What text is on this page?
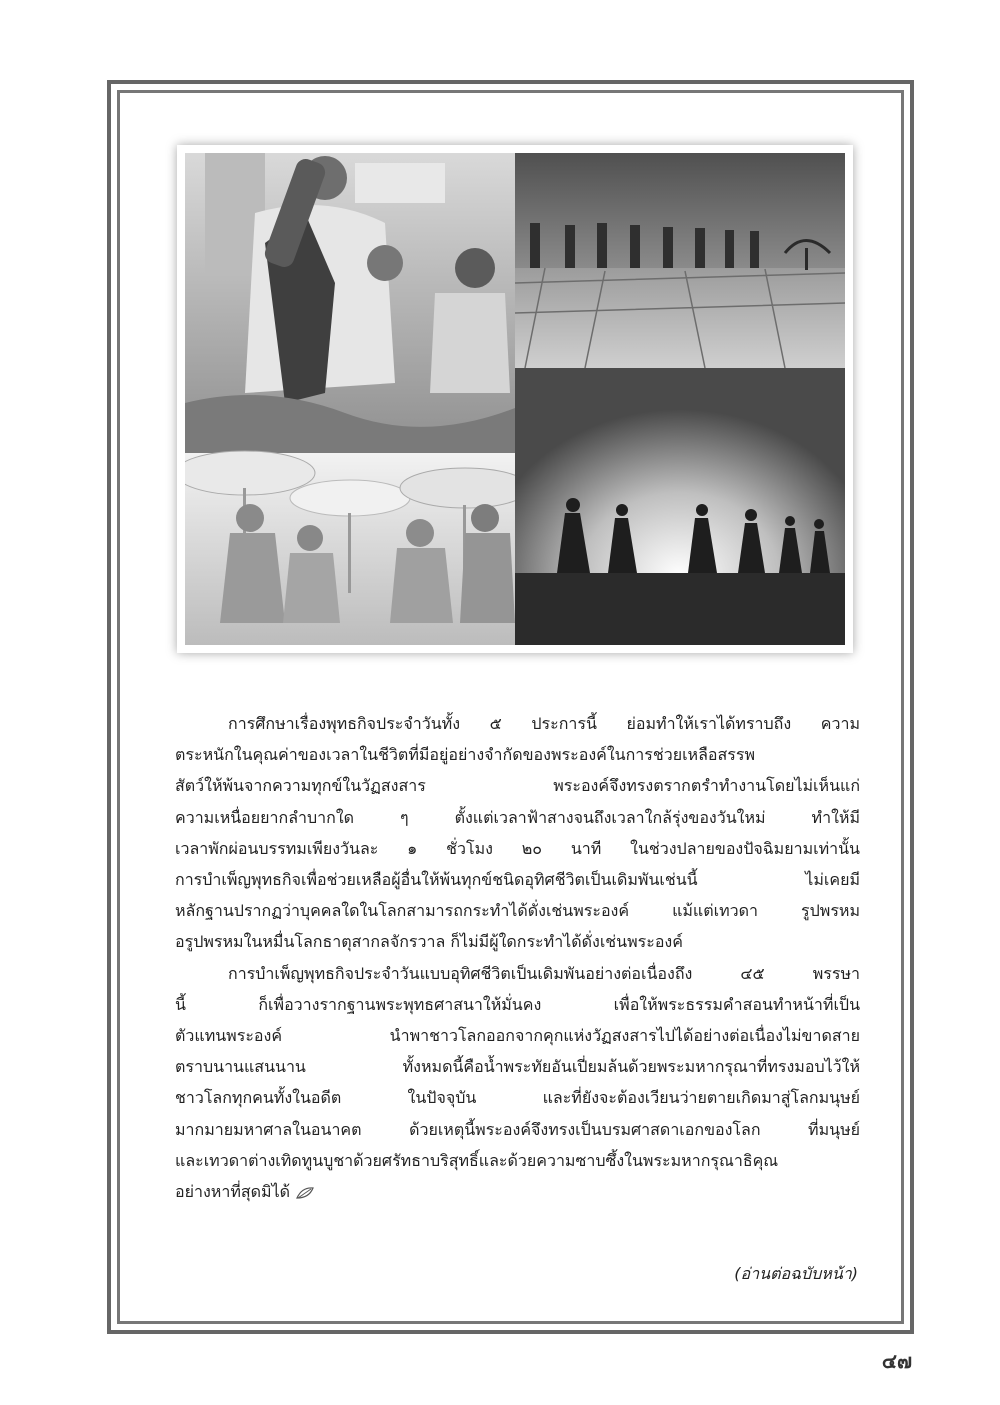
การศึกษาเรื่องพุทธกิจประจำวันทั้ง ๕ ประการนี้ ย่อมทำให้เราได้ทราบถึง ความ
ตระหนักในคุณค่าของเวลาในชีวิตที่มีอยู่อย่างจำกัดของพระองค์ในการช่วยเหลือสรรพ
สัตว์ให้พ้นจากความทุกข์ในวัฏสงสาร พระองค์จึงทรงตรากตรำทำงานโดยไม่เห็นแก่
ความเหนื่อยยากลำบากใด ๆ ตั้งแต่เวลาฟ้าสางจนถึงเวลาใกล้รุ่งของวันใหม่ ทำให้มี
เวลาพักผ่อนบรรทมเพียงวันละ ๑ ชั่วโมง ๒๐ นาที ในช่วงปลายของปัจฉิมยามเท่านั้น
การบำเพ็ญพุทธกิจเพื่อช่วยเหลือผู้อื่นให้พ้นทุกข์ชนิดอุทิศชีวิตเป็นเดิมพันเช่นนี้ ไม่เคยมี
หลักฐานปรากฏว่าบุคคลใดในโลกสามารถกระทำได้ดั่งเช่นพระองค์ แม้แต่เทวดา รูปพรหม
อรูปพรหมในหมื่นโลกธาตุสากลจักรวาล ก็ไม่มีผู้ใดกระทำได้ดั่งเช่นพระองค์

การบำเพ็ญพุทธกิจประจำวันแบบอุทิศชีวิตเป็นเดิมพันอย่างต่อเนื่องถึง ๔๕ พรรษา
นี้ ก็เพื่อวางรากฐานพระพุทธศาสนาให้มั่นคง เพื่อให้พระธรรมคำสอนทำหน้าที่เป็น
ตัวแทนพระองค์ นำพาชาวโลกออกจากคุกแห่งวัฏสงสารไปได้อย่างต่อเนื่องไม่ขาดสาย
ตราบนานแสนนาน ทั้งหมดนี้คือน้ำพระทัยอันเปี่ยมล้นด้วยพระมหากรุณาที่ทรงมอบไว้ให้
ชาวโลกทุกคนทั้งในอดีต ในปัจจุบัน และที่ยังจะต้องเวียนว่ายตายเกิดมาสู่โลกมนุษย์
มากมายมหาศาลในอนาคต ด้วยเหตุนี้พระองค์จึงทรงเป็นบรมศาสดาเอกของโลก ที่มนุษย์
และเทวดาต่างเทิดทูนบูชาด้วยศรัทธาบริสุทธิ์และด้วยความซาบซึ้งในพระมหากรุณาธิคุณ
อย่างหาที่สุดมิได้

(อ่านต่อฉบับหน้า)
๔๗
